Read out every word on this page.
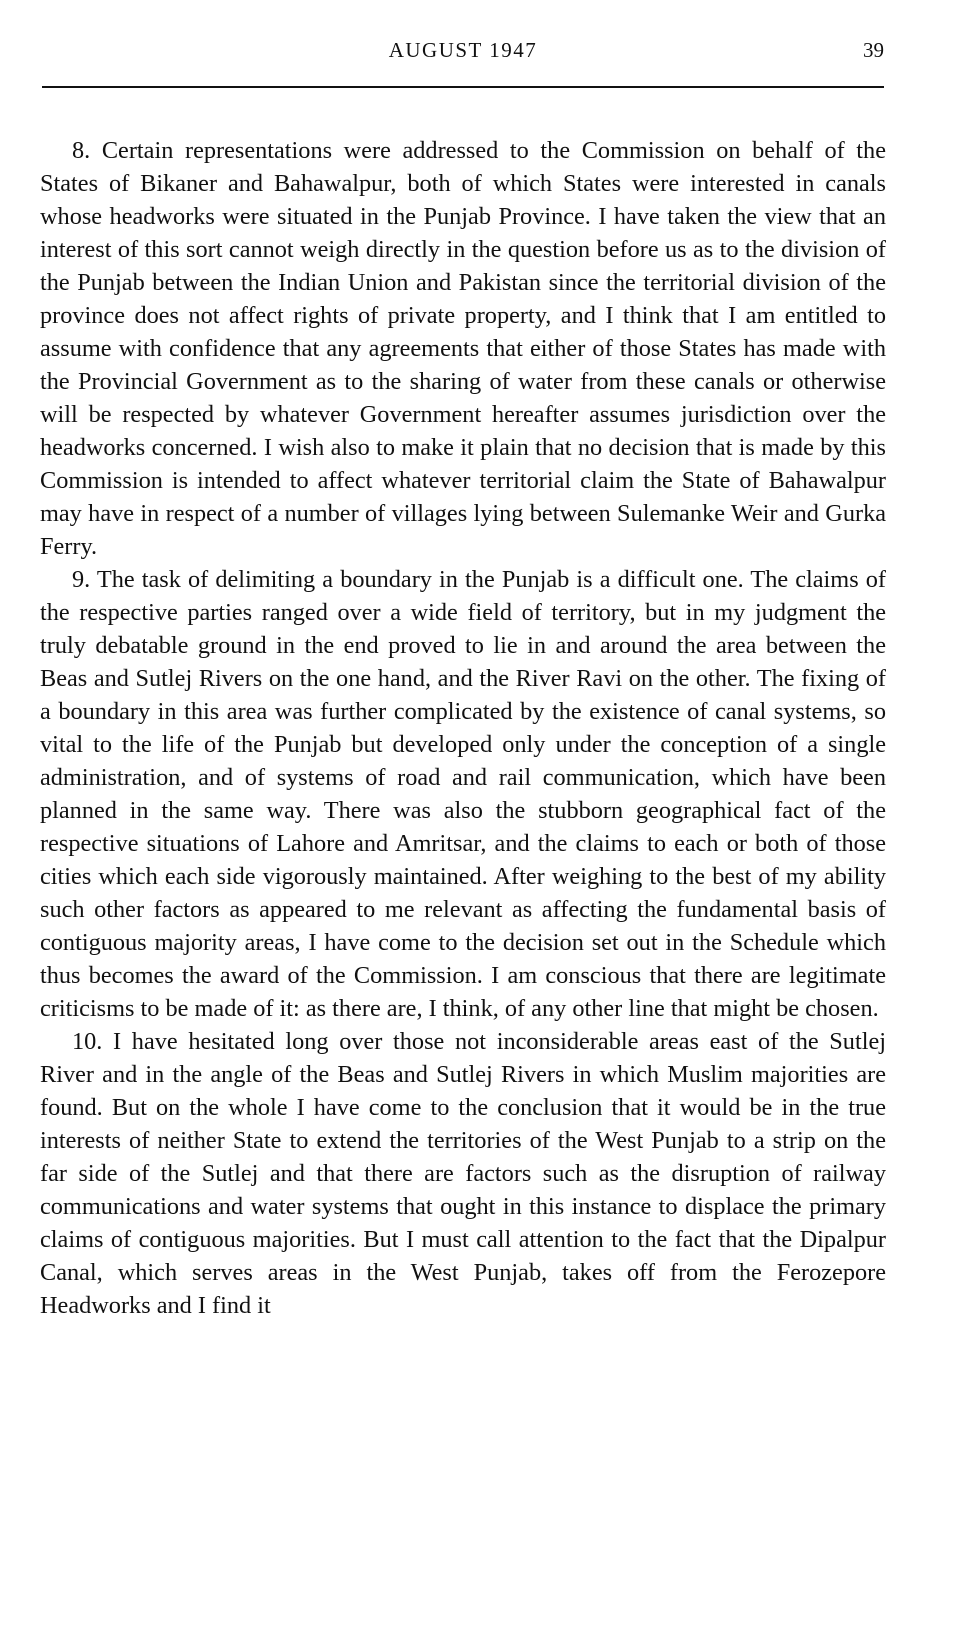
AUGUST 1947	39

8. Certain representations were addressed to the Commission on behalf of the States of Bikaner and Bahawalpur, both of which States were interested in canals whose headworks were situated in the Punjab Province. I have taken the view that an interest of this sort cannot weigh directly in the question before us as to the division of the Punjab between the Indian Union and Pakistan since the territorial division of the province does not affect rights of private property, and I think that I am entitled to assume with confidence that any agreements that either of those States has made with the Provincial Government as to the sharing of water from these canals or otherwise will be respected by whatever Government hereafter assumes jurisdiction over the headworks concerned. I wish also to make it plain that no decision that is made by this Commission is intended to affect whatever territorial claim the State of Bahawalpur may have in respect of a number of villages lying between Sulemanke Weir and Gurka Ferry.

9. The task of delimiting a boundary in the Punjab is a difficult one. The claims of the respective parties ranged over a wide field of territory, but in my judgment the truly debatable ground in the end proved to lie in and around the area between the Beas and Sutlej Rivers on the one hand, and the River Ravi on the other. The fixing of a boundary in this area was further complicated by the existence of canal systems, so vital to the life of the Punjab but developed only under the conception of a single administration, and of systems of road and rail communication, which have been planned in the same way. There was also the stubborn geographical fact of the respective situations of Lahore and Amritsar, and the claims to each or both of those cities which each side vigorously maintained. After weighing to the best of my ability such other factors as appeared to me relevant as affecting the fundamental basis of contiguous majority areas, I have come to the decision set out in the Schedule which thus becomes the award of the Commission. I am conscious that there are legitimate criticisms to be made of it: as there are, I think, of any other line that might be chosen.

10. I have hesitated long over those not inconsiderable areas east of the Sutlej River and in the angle of the Beas and Sutlej Rivers in which Muslim majorities are found. But on the whole I have come to the conclusion that it would be in the true interests of neither State to extend the territories of the West Punjab to a strip on the far side of the Sutlej and that there are factors such as the disruption of railway communications and water systems that ought in this instance to displace the primary claims of contiguous majorities. But I must call attention to the fact that the Dipalpur Canal, which serves areas in the West Punjab, takes off from the Ferozepore Headworks and I find it
